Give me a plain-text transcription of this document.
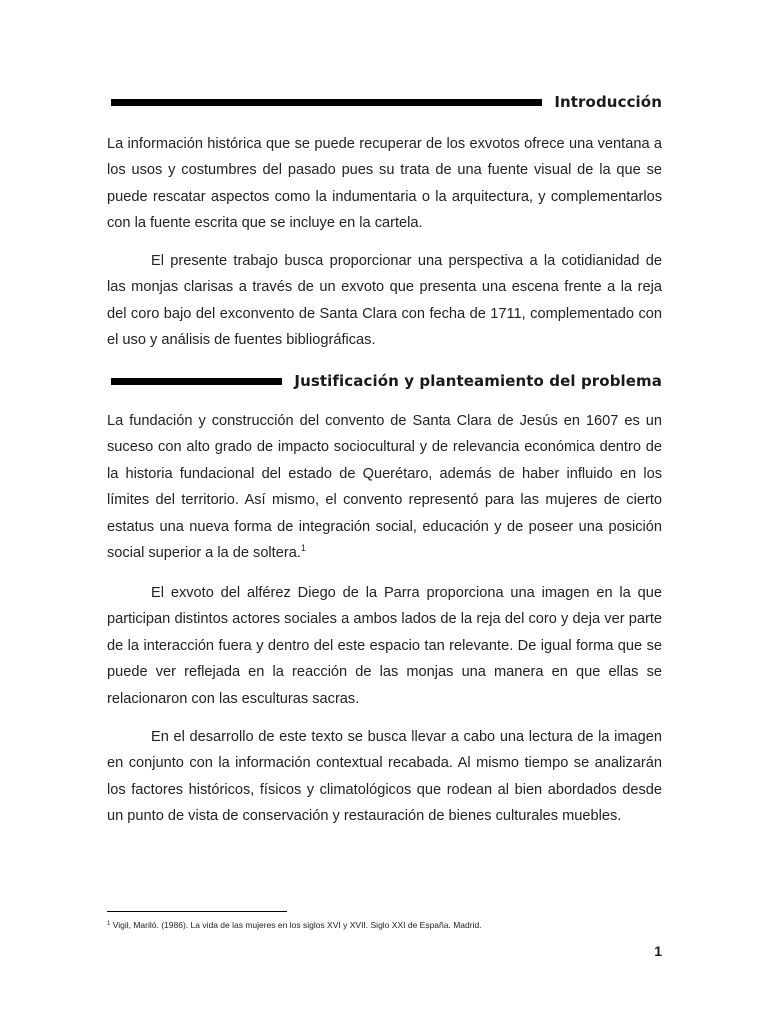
Introducción

La información histórica que se puede recuperar de los exvotos ofrece una ventana a los usos y costumbres del pasado pues su trata de una fuente visual de la que se puede rescatar aspectos como la indumentaria o la arquitectura, y complementarlos con la fuente escrita que se incluye en la cartela.

El presente trabajo busca proporcionar una perspectiva a la cotidianidad de las monjas clarisas a través de un exvoto que presenta una escena frente a la reja del coro bajo del exconvento de Santa Clara con fecha de 1711, complementado con el uso y análisis de fuentes bibliográficas.

Justificación y planteamiento del problema

La fundación y construcción del convento de Santa Clara de Jesús en 1607 es un suceso con alto grado de impacto sociocultural y de relevancia económica dentro de la historia fundacional del estado de Querétaro, además de haber influido en los límites del territorio. Así mismo, el convento representó para las mujeres de cierto estatus una nueva forma de integración social, educación y de poseer una posición social superior a la de soltera.$^1$

El exvoto del alférez Diego de la Parra proporciona una imagen en la que participan distintos actores sociales a ambos lados de la reja del coro y deja ver parte de la interacción fuera y dentro del este espacio tan relevante. De igual forma que se puede ver reflejada en la reacción de las monjas una manera en que ellas se relacionaron con las esculturas sacras.

En el desarrollo de este texto se busca llevar a cabo una lectura de la imagen en conjunto con la información contextual recabada. Al mismo tiempo se analizarán los factores históricos, físicos y climatológicos que rodean al bien abordados desde un punto de vista de conservación y restauración de bienes culturales muebles.

$^1$ Vigil, Mariló. (1986). La vida de las mujeres en los siglos XVI y XVII. Siglo XXI de España. Madrid.
1
